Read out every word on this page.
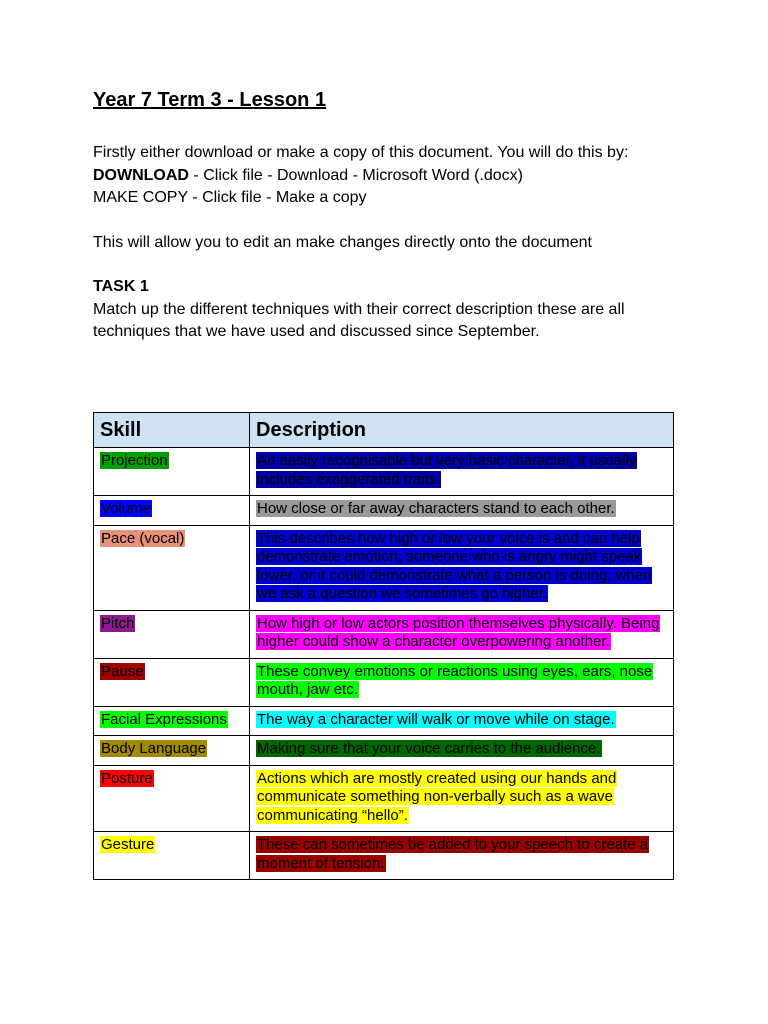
Year 7 Term 3 - Lesson 1

Firstly either download or make a copy of this document. You will do this by:

DOWNLOAD - Click file - Download - Microsoft Word (.docx)

MAKE COPY - Click file - Make a copy

This will allow you to edit an make changes directly onto the document

TASK 1

Match up the different techniques with their correct description these are all techniques that we have used and discussed since September.

Skill	Description
Projection	An easily recognisable but very basic character, it usually includes exaggerated traits.
Volume	How close or far away characters stand to each other.
Pace (vocal)	This describes how high or low your voice is and can help demonstrate emotion, someone who is angry might speak lower, or it could demonstrate what a person is doing, when we ask a question we sometimes go higher.
Pitch	How high or low actors position themselves physically. Being higher could show a character overpowering another.
Pause	These convey emotions or reactions using eyes, ears, nose mouth, jaw etc.
Facial Expressions	The way a character will walk or move while on stage.
Body Language	Making sure that your voice carries to the audience.
Posture	Actions which are mostly created using our hands and communicate something non-verbally such as a wave communicating “hello”.
Gesture	These can sometimes be added to your speech to create a moment of tension.
